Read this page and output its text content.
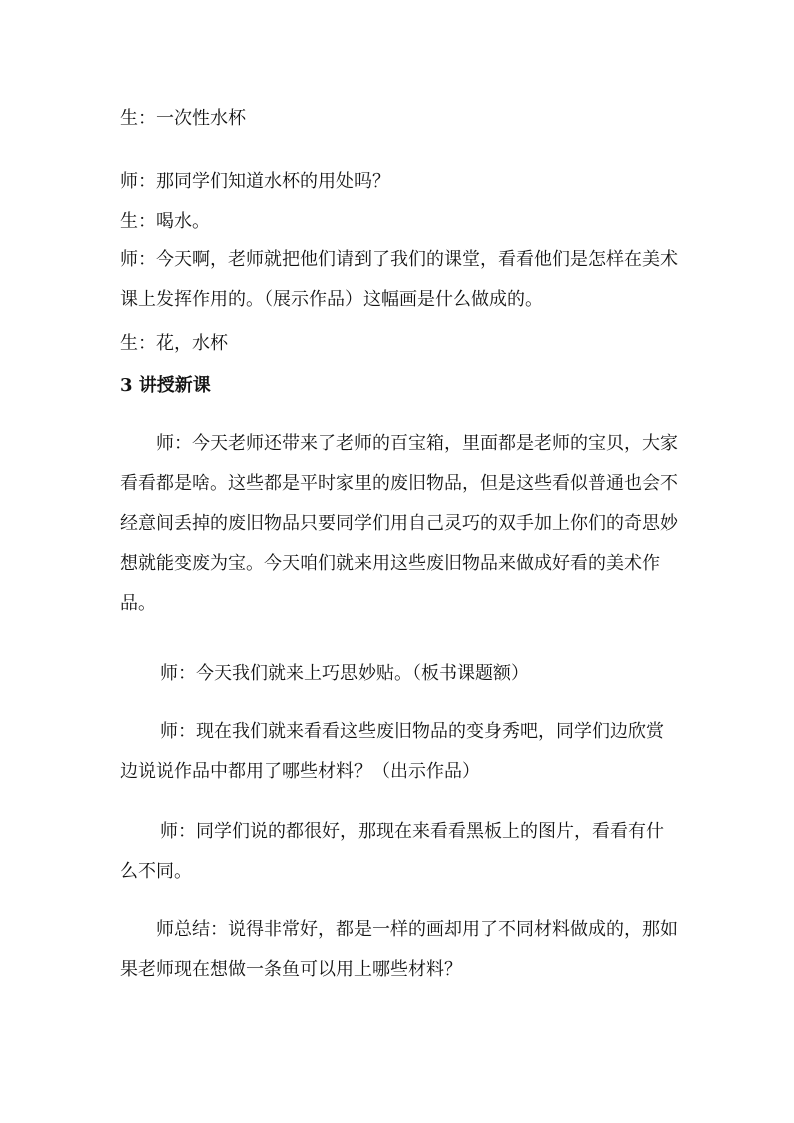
生：一次性水杯
师：那同学们知道水杯的用处吗？
生：喝水。
师：今天啊，老师就把他们请到了我们的课堂，看看他们是怎样在美术课上发挥作用的。（展示作品）这幅画是什么做成的。
生：花，水杯
3 讲授新课
师：今天老师还带来了老师的百宝箱，里面都是老师的宝贝，大家看看都是啥。这些都是平时家里的废旧物品，但是这些看似普通也会不经意间丢掉的废旧物品只要同学们用自己灵巧的双手加上你们的奇思妙想就能变废为宝。今天咱们就来用这些废旧物品来做成好看的美术作品。
师：今天我们就来上巧思妙贴。（板书课题额）
师：现在我们就来看看这些废旧物品的变身秀吧，同学们边欣赏边说说作品中都用了哪些材料？（出示作品）
师：同学们说的都很好，那现在来看看黑板上的图片，看看有什么不同。
师总结：说得非常好，都是一样的画却用了不同材料做成的，那如果老师现在想做一条鱼可以用上哪些材料？
